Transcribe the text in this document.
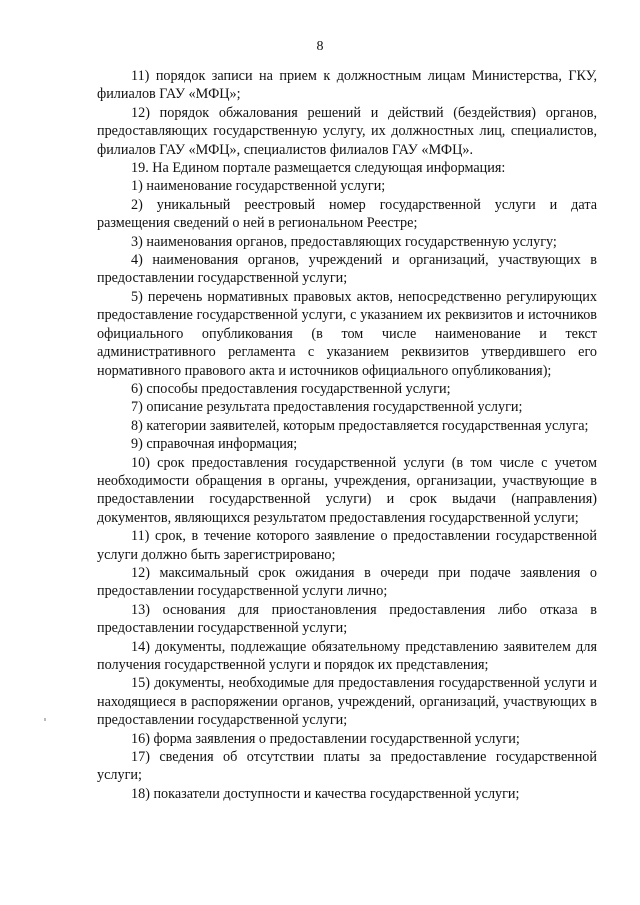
8

11) порядок записи на прием к должностным лицам Министерства, ГКУ, филиалов ГАУ «МФЦ»;

12) порядок обжалования решений и действий (бездействия) органов, предоставляющих государственную услугу, их должностных лиц, специалистов, филиалов ГАУ «МФЦ», специалистов филиалов ГАУ «МФЦ».

19. На Едином портале размещается следующая информация:

1) наименование государственной услуги;

2) уникальный реестровый номер государственной услуги и дата размещения сведений о ней в региональном Реестре;

3) наименования органов, предоставляющих государственную услугу;

4) наименования органов, учреждений и организаций, участвующих в предоставлении государственной услуги;

5) перечень нормативных правовых актов, непосредственно регулирующих предоставление государственной услуги, с указанием их реквизитов и источников официального опубликования (в том числе наименование и текст административного регламента с указанием реквизитов утвердившего его нормативного правового акта и источников официального опубликования);

6) способы предоставления государственной услуги;

7) описание результата предоставления государственной услуги;

8) категории заявителей, которым предоставляется государственная услуга;

9) справочная информация;

10) срок предоставления государственной услуги (в том числе с учетом необходимости обращения в органы, учреждения, организации, участвующие в предоставлении государственной услуги) и срок выдачи (направления) документов, являющихся результатом предоставления государственной услуги;

11) срок, в течение которого заявление о предоставлении государственной услуги должно быть зарегистрировано;

12) максимальный срок ожидания в очереди при подаче заявления о предоставлении государственной услуги лично;

13) основания для приостановления предоставления либо отказа в предоставлении государственной услуги;

14) документы, подлежащие обязательному представлению заявителем для получения государственной услуги и порядок их представления;

15) документы, необходимые для предоставления государственной услуги и находящиеся в распоряжении органов, учреждений, организаций, участвующих в предоставлении государственной услуги;

16) форма заявления о предоставлении государственной услуги;

17) сведения об отсутствии платы за предоставление государственной услуги;

18) показатели доступности и качества государственной услуги;
